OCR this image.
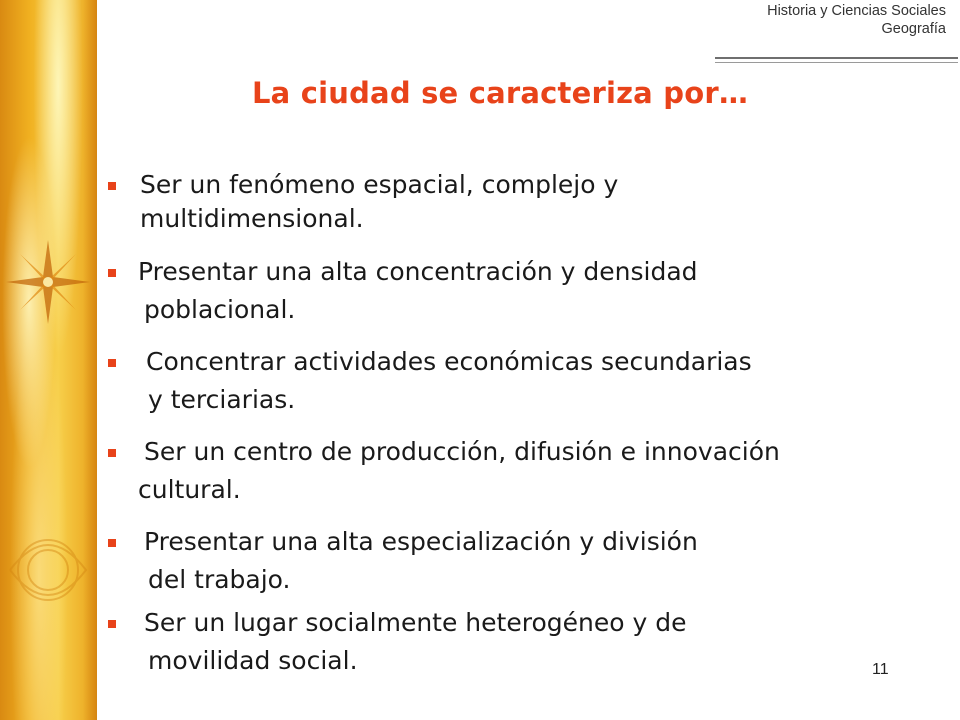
Historia y Ciencias Sociales
Geografía
La ciudad se caracteriza por…
Ser un fenómeno espacial, complejo y
multidimensional.
Presentar una alta concentración y densidad
poblacional.
Concentrar actividades económicas secundarias
y terciarias.
Ser un centro de producción, difusión e innovación
cultural.
Presentar una alta especialización y división
del trabajo.
Ser un lugar socialmente heterogéneo y de
movilidad social.	11
